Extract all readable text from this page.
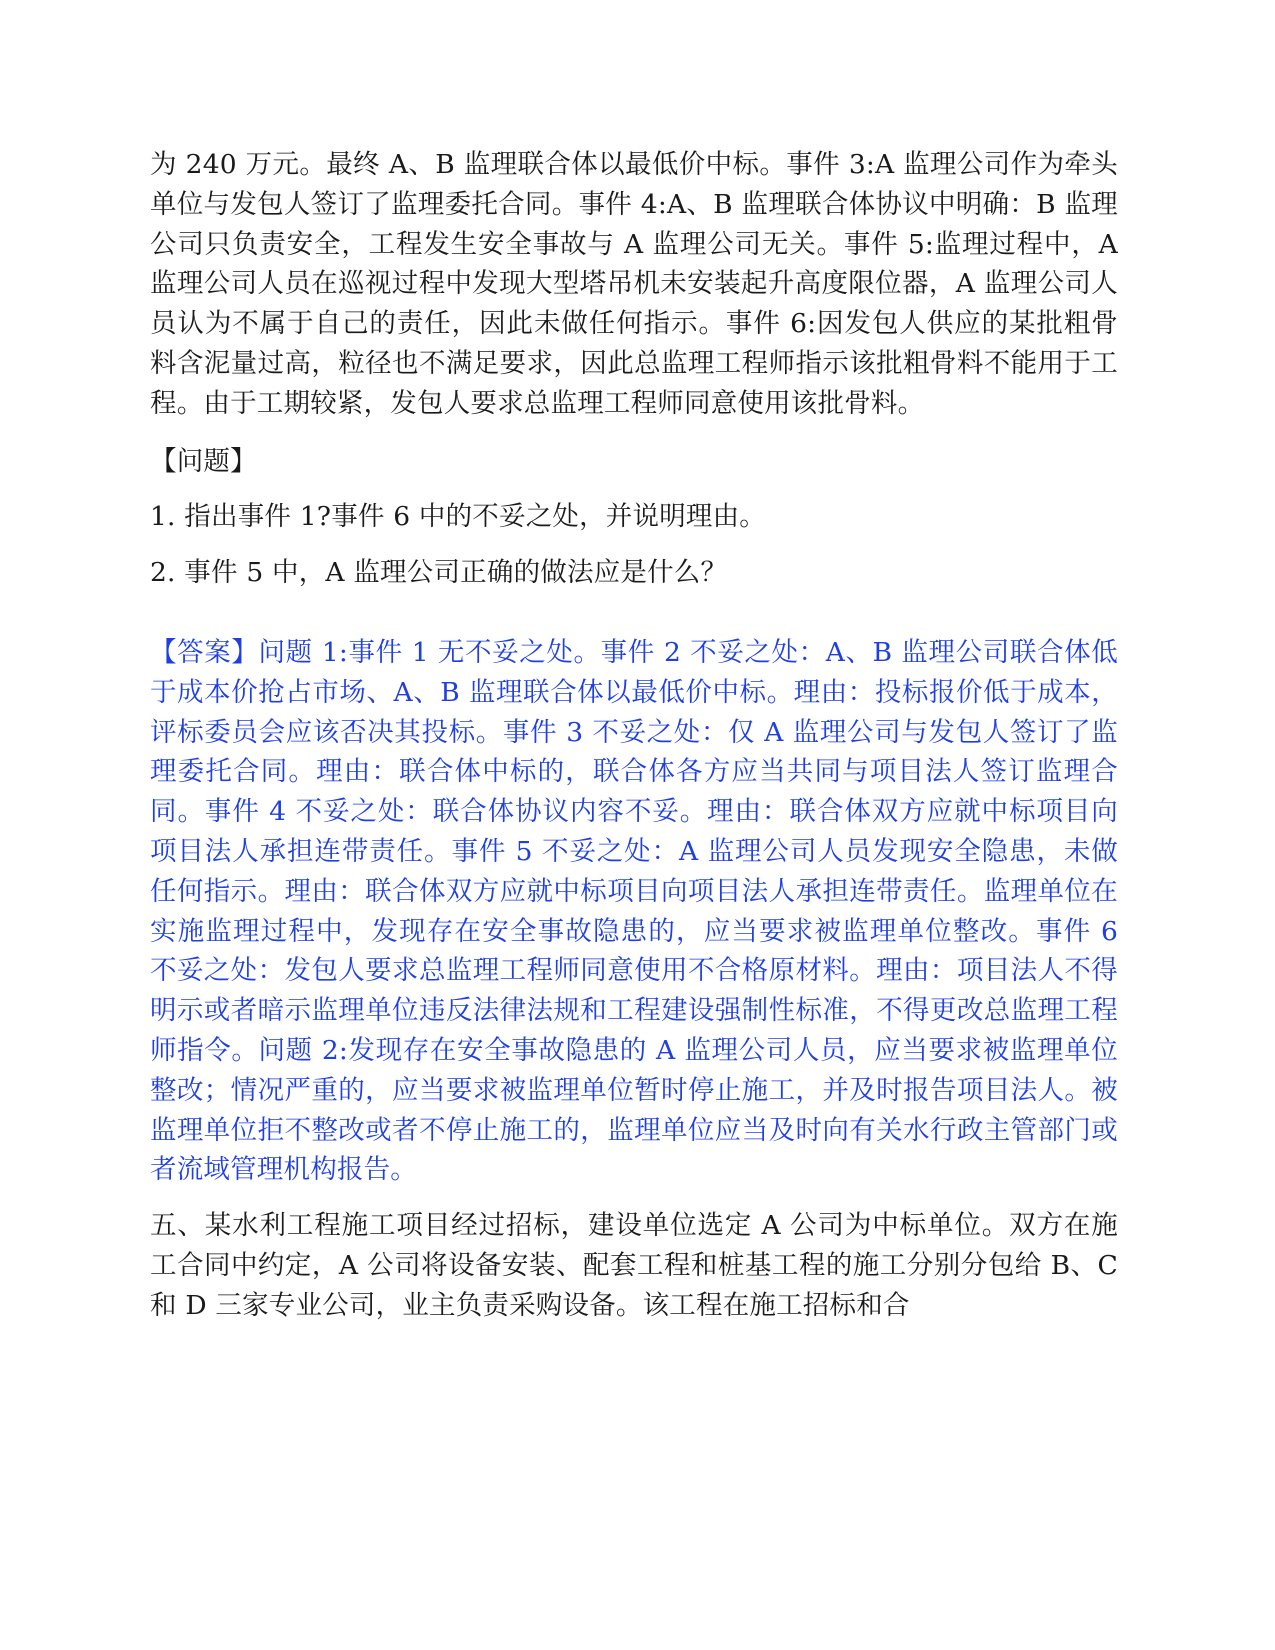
为 240 万元。最终 A、B 监理联合体以最低价中标。事件 3:A 监理公司作为牵头单位与发包人签订了监理委托合同。事件 4:A、B 监理联合体协议中明确：B 监理公司只负责安全，工程发生安全事故与 A 监理公司无关。事件 5:监理过程中，A 监理公司人员在巡视过程中发现大型塔吊机未安装起升高度限位器，A 监理公司人员认为不属于自己的责任，因此未做任何指示。事件 6:因发包人供应的某批粗骨料含泥量过高，粒径也不满足要求，因此总监理工程师指示该批粗骨料不能用于工程。由于工期较紧，发包人要求总监理工程师同意使用该批骨料。

【问题】

1. 指出事件 1?事件 6 中的不妥之处，并说明理由。

2. 事件 5 中，A 监理公司正确的做法应是什么？

【答案】问题 1:事件 1 无不妥之处。事件 2 不妥之处：A、B 监理公司联合体低于成本价抢占市场、A、B 监理联合体以最低价中标。理由：投标报价低于成本，评标委员会应该否决其投标。事件 3 不妥之处：仅 A 监理公司与发包人签订了监理委托合同。理由：联合体中标的，联合体各方应当共同与项目法人签订监理合同。事件 4 不妥之处：联合体协议内容不妥。理由：联合体双方应就中标项目向项目法人承担连带责任。事件 5 不妥之处：A 监理公司人员发现安全隐患，未做任何指示。理由：联合体双方应就中标项目向项目法人承担连带责任。监理单位在实施监理过程中，发现存在安全事故隐患的，应当要求被监理单位整改。事件 6 不妥之处：发包人要求总监理工程师同意使用不合格原材料。理由：项目法人不得明示或者暗示监理单位违反法律法规和工程建设强制性标准，不得更改总监理工程师指令。问题 2:发现存在安全事故隐患的 A 监理公司人员，应当要求被监理单位整改；情况严重的，应当要求被监理单位暂时停止施工，并及时报告项目法人。被监理单位拒不整改或者不停止施工的，监理单位应当及时向有关水行政主管部门或者流域管理机构报告。

五、某水利工程施工项目经过招标，建设单位选定 A 公司为中标单位。双方在施工合同中约定，A 公司将设备安装、配套工程和桩基工程的施工分别分包给 B、C 和 D 三家专业公司，业主负责采购设备。该工程在施工招标和合
